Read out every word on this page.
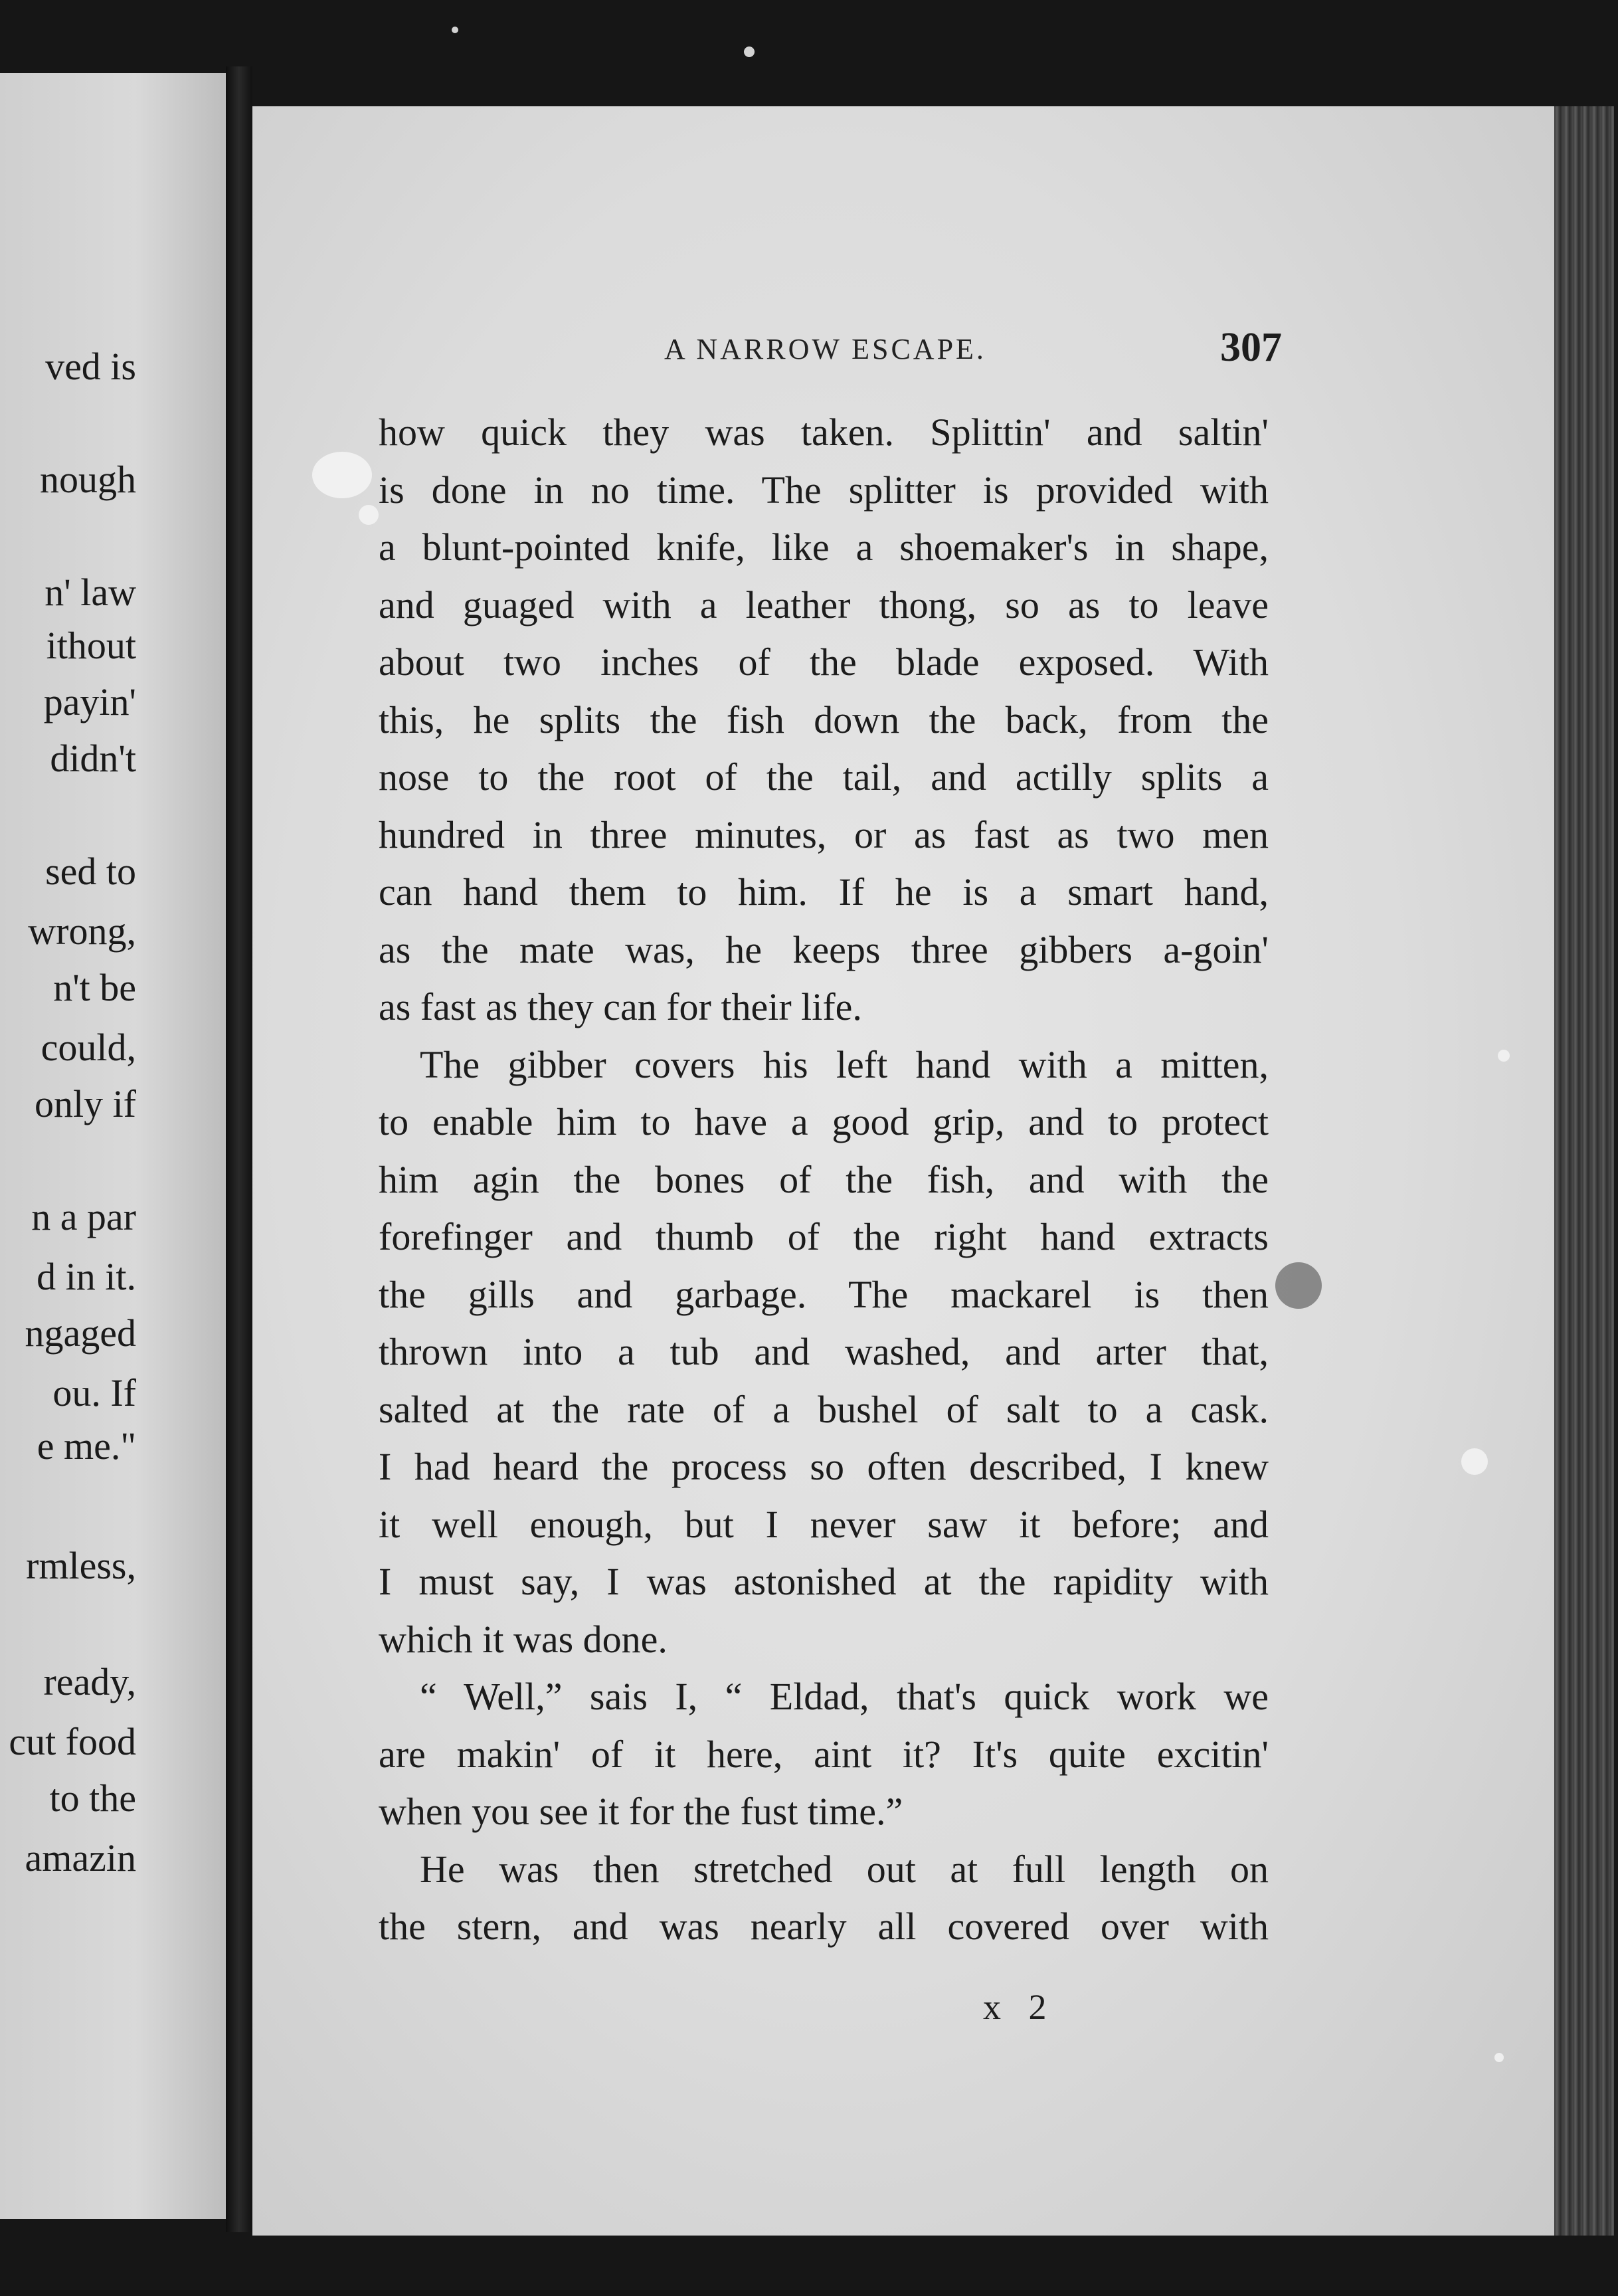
ved is
nough
n' law
ithout
payin'
didn't
sed to
wrong,
n't be
could,
only if
n a par
d in it.
ngaged
ou. If
e me."
rmless,
ready,
cut food
to the
amazin
A NARROW ESCAPE.	307
how quick they was taken. Splittin' and saltin'
is done in no time. The splitter is provided with
a blunt-pointed knife, like a shoemaker's in shape,
and guaged with a leather thong, so as to leave
about two inches of the blade exposed. With
this, he splits the fish down the back, from the
nose to the root of the tail, and actilly splits a
hundred in three minutes, or as fast as two men
can hand them to him. If he is a smart hand,
as the mate was, he keeps three gibbers a-goin'
as fast as they can for their life.
The gibber covers his left hand with a mitten,
to enable him to have a good grip, and to protect
him agin the bones of the fish, and with the
forefinger and thumb of the right hand extracts
the gills and garbage. The mackarel is then
thrown into a tub and washed, and arter that,
salted at the rate of a bushel of salt to a cask.
I had heard the process so often described, I knew
it well enough, but I never saw it before; and
I must say, I was astonished at the rapidity with
which it was done.
“ Well,” sais I, “ Eldad, that's quick work we
are makin' of it here, aint it? It's quite excitin'
when you see it for the fust time.”
He was then stretched out at full length on
the stern, and was nearly all covered over with
x 2
